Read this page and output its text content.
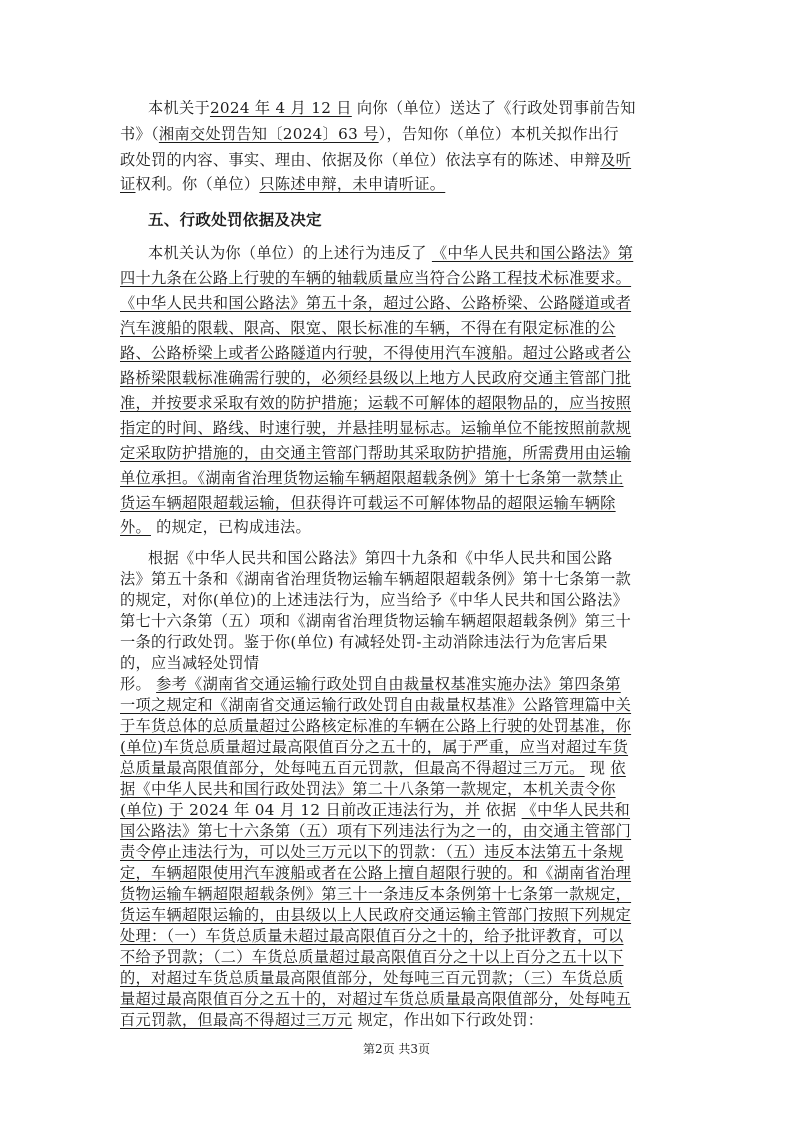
本机关于2024 年 4 月 12 日 向你（单位）送达了《行政处罚事前告知
书》（湘南交处罚告知〔2024〕63 号），告知你（单位）本机关拟作出行
政处罚的内容、事实、理由、依据及你（单位）依法享有的陈述、申辩及听
证权利。你（单位）只陈述申辩，未申请听证。
五、行政处罚依据及决定
本机关认为你（单位）的上述行为违反了 《中华人民共和国公路法》第
四十九条在公路上行驶的车辆的轴载质量应当符合公路工程技术标准要求。
《中华人民共和国公路法》第五十条，超过公路、公路桥梁、公路隧道或者
汽车渡船的限载、限高、限宽、限长标准的车辆，不得在有限定标准的公
路、公路桥梁上或者公路隧道内行驶，不得使用汽车渡船。超过公路或者公
路桥梁限载标准确需行驶的，必须经县级以上地方人民政府交通主管部门批
准，并按要求采取有效的防护措施；运载不可解体的超限物品的，应当按照
指定的时间、路线、时速行驶，并悬挂明显标志。运输单位不能按照前款规
定采取防护措施的，由交通主管部门帮助其采取防护措施，所需费用由运输
单位承担。《湖南省治理货物运输车辆超限超载条例》第十七条第一款禁止
货运车辆超限超载运输，但获得许可载运不可解体物品的超限运输车辆除
外。 的规定，已构成违法。
根据《中华人民共和国公路法》第四十九条和《中华人民共和国公路
法》第五十条和《湖南省治理货物运输车辆超限超载条例》第十七条第一款
的规定，对你(单位)的上述违法行为，应当给予《中华人民共和国公路法》
第七十六条第（五）项和《湖南省治理货物运输车辆超限超载条例》第三十
一条的行政处罚。鉴于你(单位) 有减轻处罚-主动消除违法行为危害后果
的，应当减轻处罚情
形。 参考《湖南省交通运输行政处罚自由裁量权基准实施办法》第四条第
一项之规定和《湖南省交通运输行政处罚自由裁量权基准》公路管理篇中关
于车货总体的总质量超过公路核定标准的车辆在公路上行驶的处罚基准，你
(单位)车货总质量超过最高限值百分之五十的，属于严重，应当对超过车货
总质量最高限值部分，处每吨五百元罚款，但最高不得超过三万元。 现 依
据《中华人民共和国行政处罚法》第二十八条第一款规定，本机关责令你
(单位) 于 2024 年 04 月 12 日前改正违法行为，并 依据 《中华人民共和
国公路法》第七十六条第（五）项有下列违法行为之一的，由交通主管部门
责令停止违法行为，可以处三万元以下的罚款：（五）违反本法第五十条规
定，车辆超限使用汽车渡船或者在公路上擅自超限行驶的。和《湖南省治理
货物运输车辆超限超载条例》第三十一条违反本条例第十七条第一款规定，
货运车辆超限运输的，由县级以上人民政府交通运输主管部门按照下列规定
处理：（一）车货总质量未超过最高限值百分之十的，给予批评教育，可以
不给予罚款；（二）车货总质量超过最高限值百分之十以上百分之五十以下
的，对超过车货总质量最高限值部分，处每吨三百元罚款；（三）车货总质
量超过最高限值百分之五十的，对超过车货总质量最高限值部分，处每吨五
百元罚款，但最高不得超过三万元 规定，作出如下行政处罚：
第2页 共3页
